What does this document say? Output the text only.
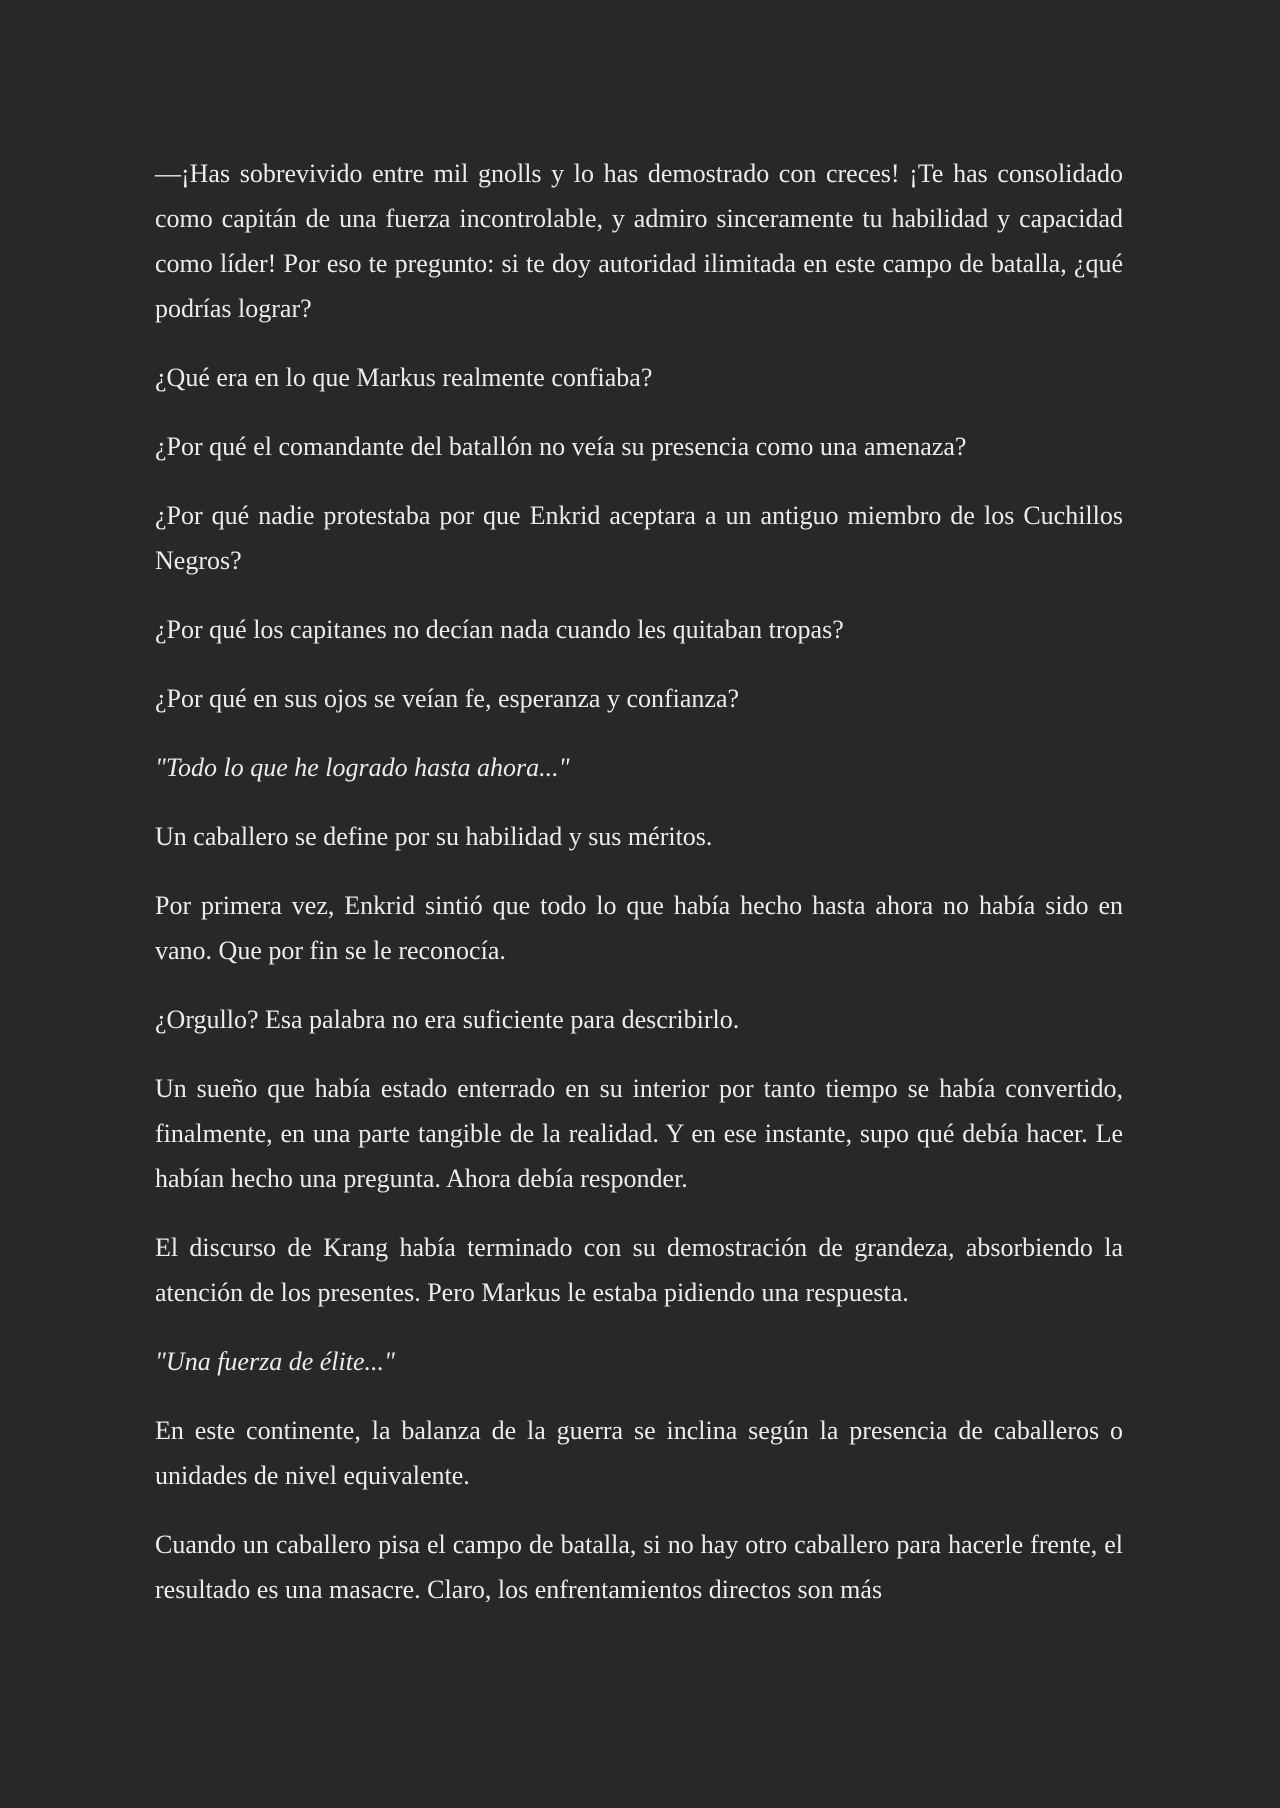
—¡Has sobrevivido entre mil gnolls y lo has demostrado con creces! ¡Te has consolidado como capitán de una fuerza incontrolable, y admiro sinceramente tu habilidad y capacidad como líder! Por eso te pregunto: si te doy autoridad ilimitada en este campo de batalla, ¿qué podrías lograr?

¿Qué era en lo que Markus realmente confiaba?

¿Por qué el comandante del batallón no veía su presencia como una amenaza?

¿Por qué nadie protestaba por que Enkrid aceptara a un antiguo miembro de los Cuchillos Negros?

¿Por qué los capitanes no decían nada cuando les quitaban tropas?

¿Por qué en sus ojos se veían fe, esperanza y confianza?

"Todo lo que he logrado hasta ahora..."

Un caballero se define por su habilidad y sus méritos.

Por primera vez, Enkrid sintió que todo lo que había hecho hasta ahora no había sido en vano. Que por fin se le reconocía.

¿Orgullo? Esa palabra no era suficiente para describirlo.

Un sueño que había estado enterrado en su interior por tanto tiempo se había convertido, finalmente, en una parte tangible de la realidad. Y en ese instante, supo qué debía hacer. Le habían hecho una pregunta. Ahora debía responder.

El discurso de Krang había terminado con su demostración de grandeza, absorbiendo la atención de los presentes. Pero Markus le estaba pidiendo una respuesta.

"Una fuerza de élite..."

En este continente, la balanza de la guerra se inclina según la presencia de caballeros o unidades de nivel equivalente.

Cuando un caballero pisa el campo de batalla, si no hay otro caballero para hacerle frente, el resultado es una masacre. Claro, los enfrentamientos directos son más
